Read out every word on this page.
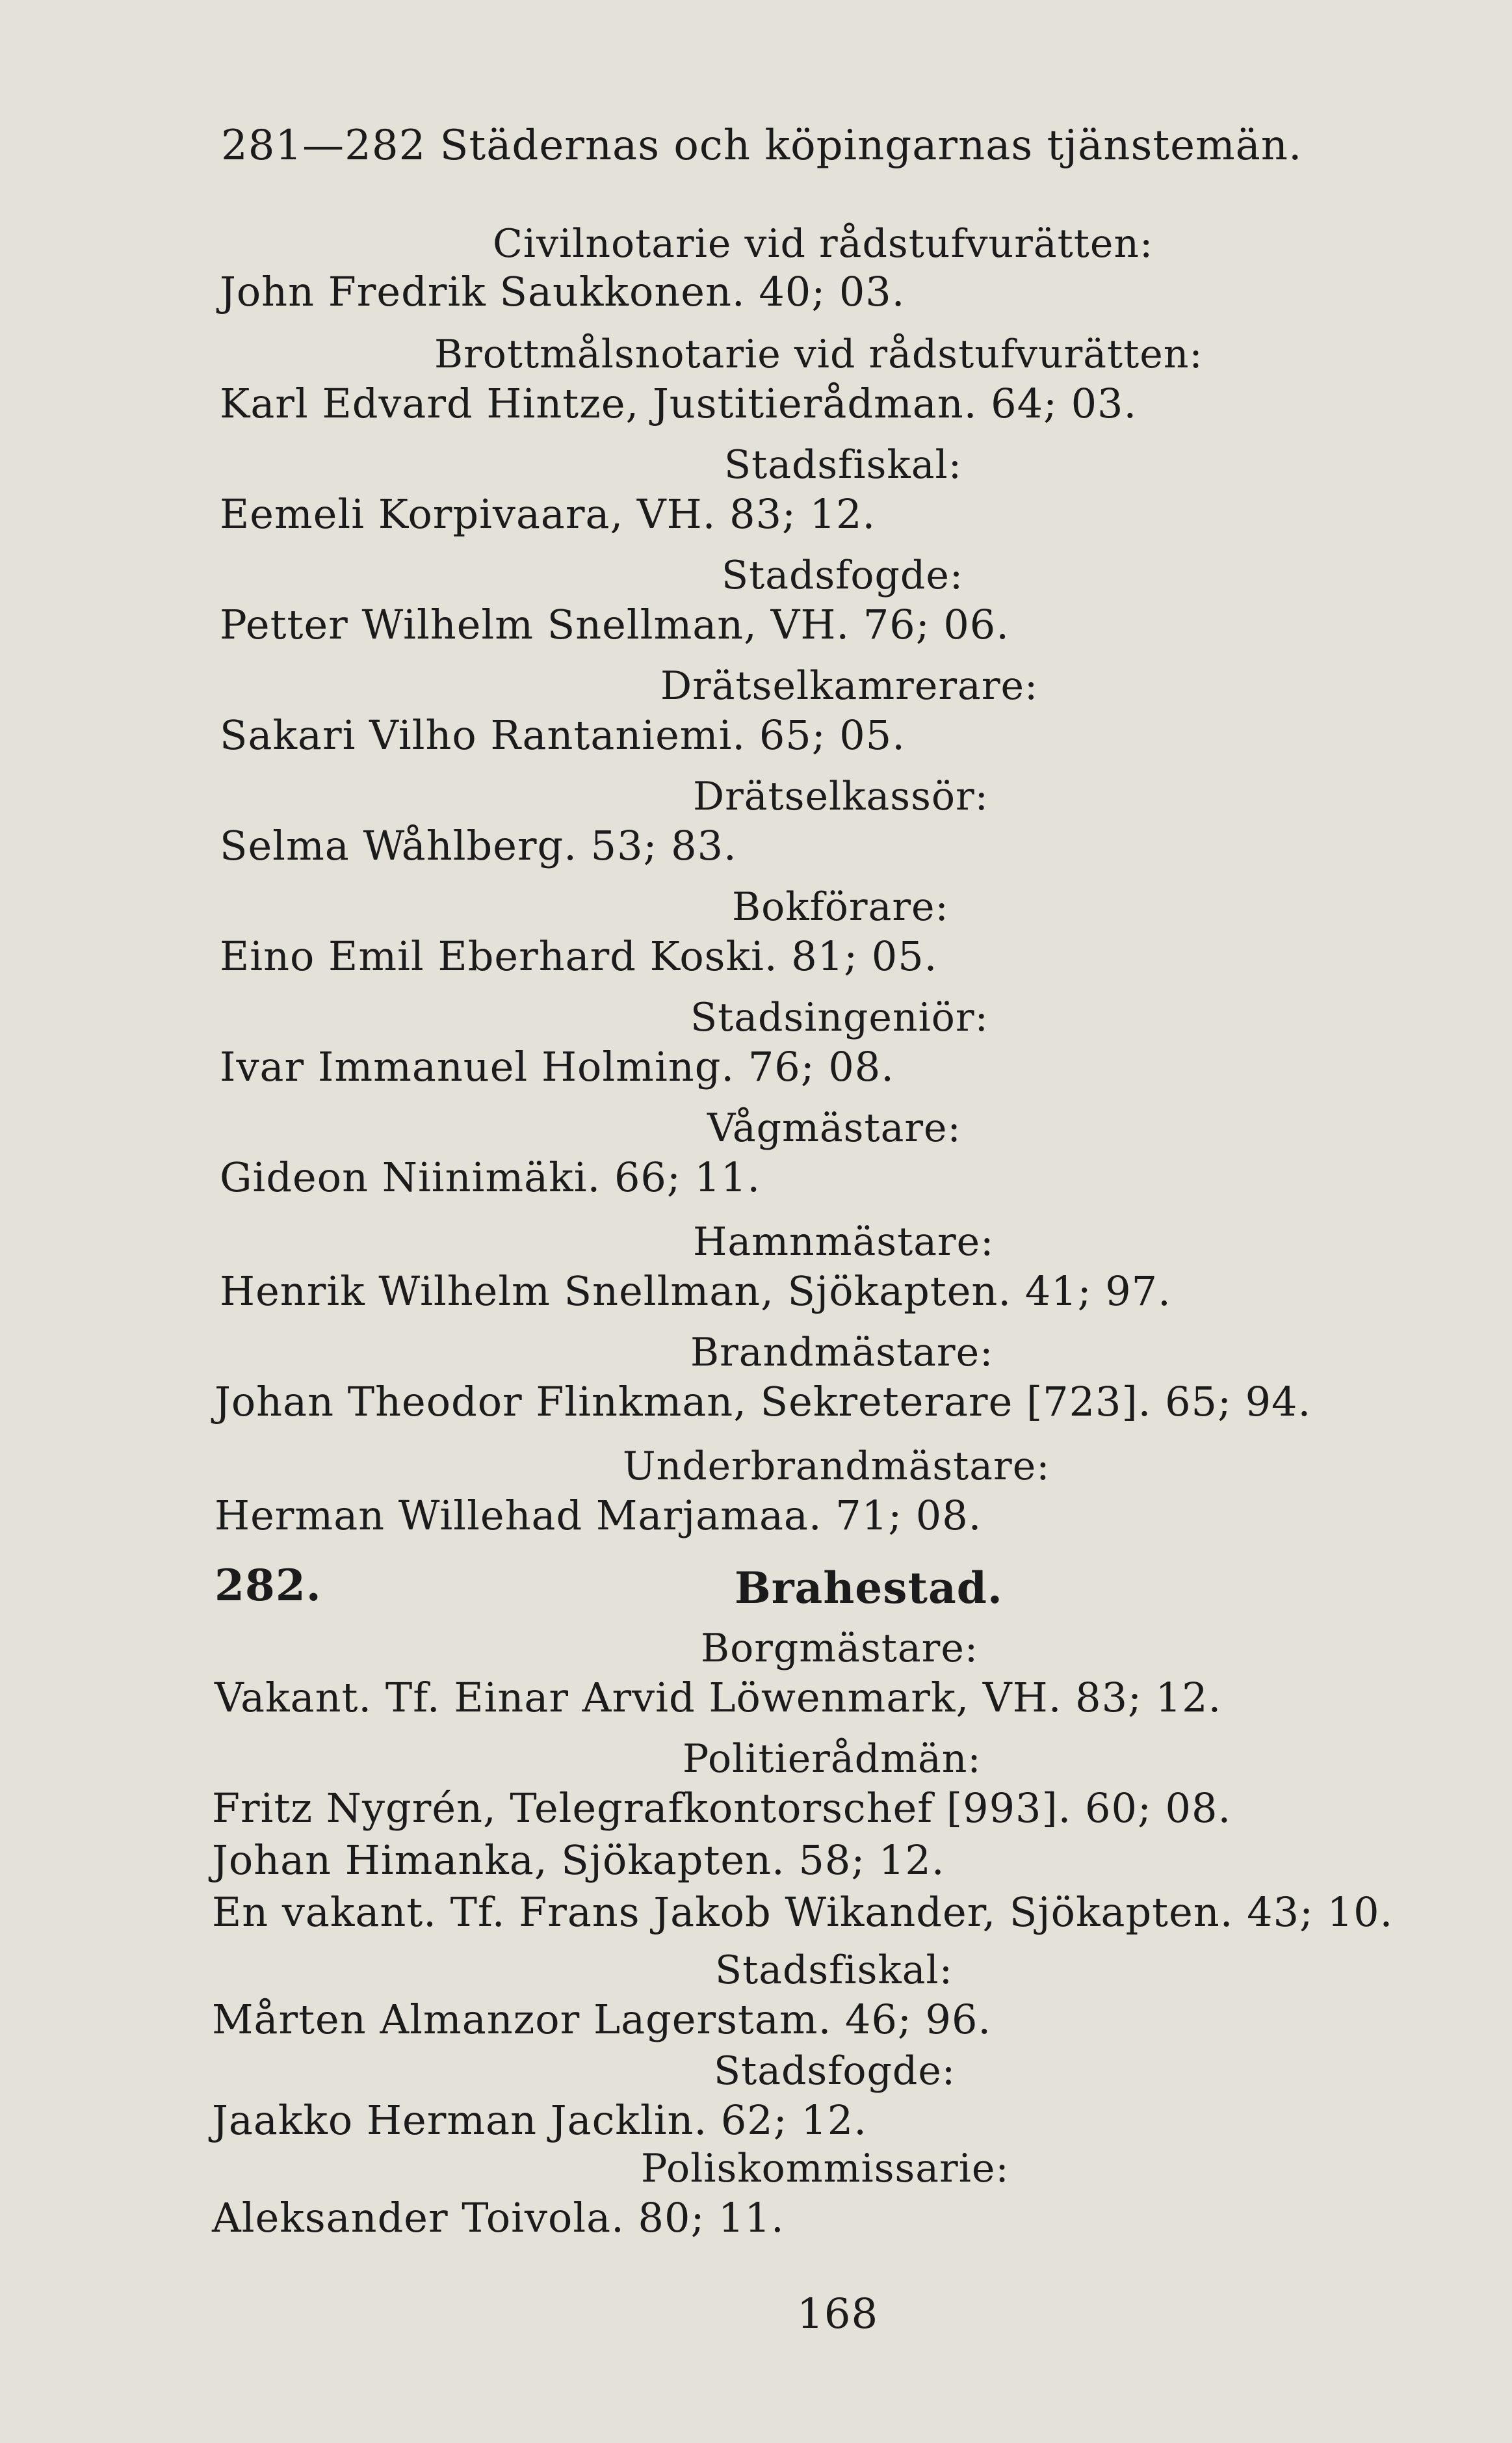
281—282 Städernas och köpingarnas tjänstemän.
Civilnotarie vid rådstufvurätten:
John Fredrik Saukkonen. 40; 03.
Brottmålsnotarie vid rådstufvurätten:
Karl Edvard Hintze, Justitierådman. 64; 03.
Stadsfiskal:
Eemeli Korpivaara, VH. 83; 12.
Stadsfogde:
Petter Wilhelm Snellman, VH. 76; 06.
Drätselkamrerare:
Sakari Vilho Rantaniemi. 65; 05.
Drätselkassör:
Selma Wåhlberg. 53; 83.
Bokförare:
Eino Emil Eberhard Koski. 81; 05.
Stadsingeniör:
Ivar Immanuel Holming. 76; 08.
Vågmästare:
Gideon Niinimäki. 66; 11.
Hamnmästare:
Henrik Wilhelm Snellman, Sjökapten. 41; 97.
Brandmästare:
Johan Theodor Flinkman, Sekreterare [723]. 65; 94.
Underbrandmästare:
Herman Willehad Marjamaa. 71; 08.
282.	Brahestad.
Borgmästare:
Vakant. Tf. Einar Arvid Löwenmark, VH. 83; 12.
Politierådmän:
Fritz Nygrén, Telegrafkontorschef [993]. 60; 08.
Johan Himanka, Sjökapten. 58; 12.
En vakant. Tf. Frans Jakob Wikander, Sjökapten. 43; 10.
Stadsfiskal:
Mårten Almanzor Lagerstam. 46; 96.
Stadsfogde:
Jaakko Herman Jacklin. 62; 12.
Poliskommissarie:
Aleksander Toivola. 80; 11.
168
